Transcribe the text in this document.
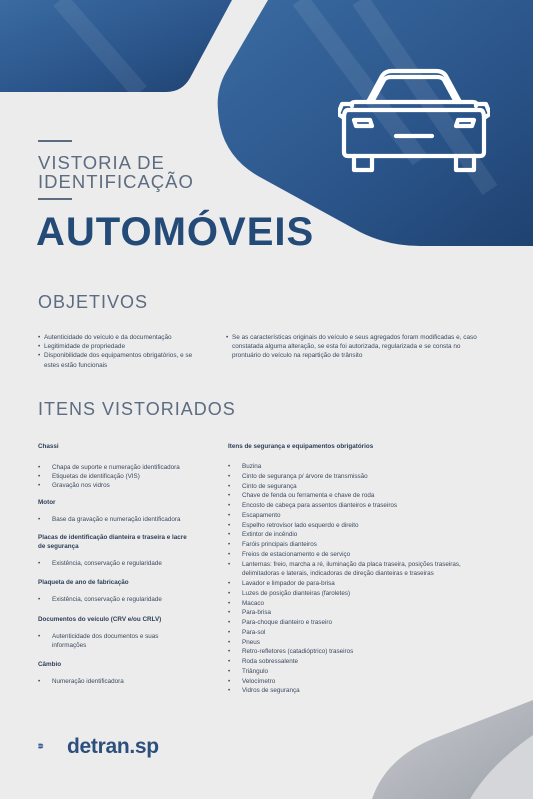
VISTORIA DE
IDENTIFICAÇÃO
AUTOMÓVEIS
OBJETIVOS
• Autenticidade do veículo e da documentação
• Legitimidade de propriedade
• Disponibilidade dos equipamentos obrigatórios, e se estes estão funcionais
• Se as características originais do veículo e seus agregados foram modificadas e, caso constatada alguma alteração, se esta foi autorizada, regularizada e se consta no prontuário do veículo na repartição de trânsito
ITENS VISTORIADOS
Chassi
• Chapa de suporte e numeração identificadora
• Etiquetas de identificação (VIS)
• Gravação nos vidros
Motor
• Base da gravação e numeração identificadora
Placas de identificação dianteira e traseira e lacre de segurança
• Existência, conservação e regularidade
Plaqueta de ano de fabricação
• Existência, conservação e regularidade
Documentos do veículo (CRV e/ou CRLV)
• Autenticidade dos documentos e suas informações
Câmbio
• Numeração identificadora
Itens de segurança e equipamentos obrigatórios
• Buzina
• Cinto de segurança p/ árvore de transmissão
• Cinto de segurança
• Chave de fenda ou ferramenta e chave de roda
• Encosto de cabeça para assentos dianteiros e traseiros
• Escapamento
• Espelho retrovisor lado esquerdo e direito
• Extintor de incêndio
• Faróis principais dianteiros
• Freios de estacionamento e de serviço
• Lanternas: freio, marcha a ré, iluminação da placa traseira, posições traseiras, delimitadoras e laterais, indicadoras de direção dianteiras e traseiras
• Lavador e limpador de para-brisa
• Luzes de posição dianteiras (faroletes)
• Macaco
• Para-brisa
• Para-choque dianteiro e traseiro
• Para-sol
• Pneus
• Retro-refletores (catadióptrico) traseiros
• Roda sobressalente
• Triângulo
• Velocímetro
• Vidros de segurança
detran.sp
